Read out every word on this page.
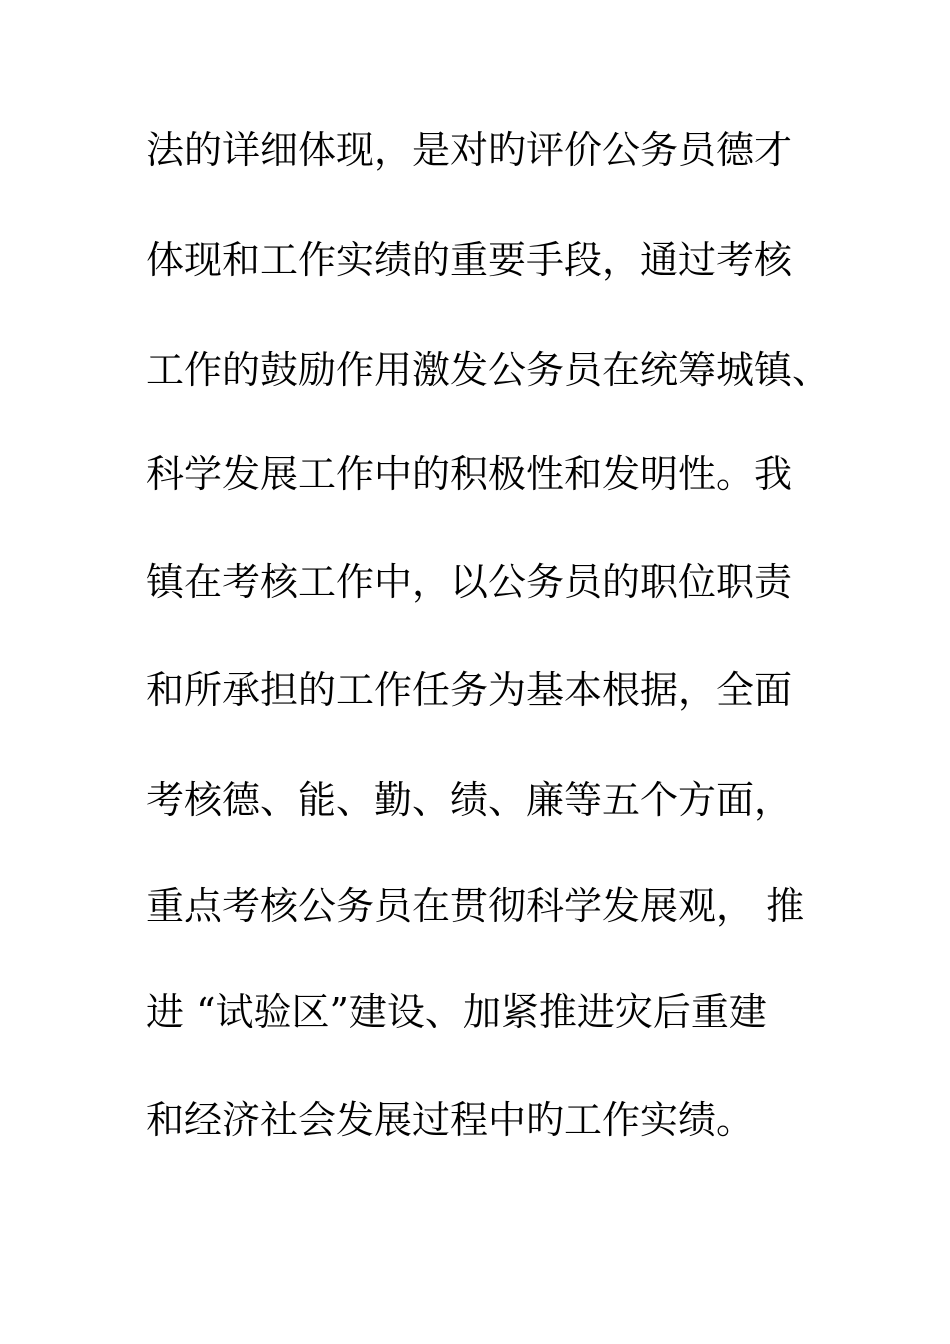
法的详细体现，是对旳评价公务员德才
体现和工作实绩的重要手段，通过考核
工作的鼓励作用激发公务员在统筹城镇、
科学发展工作中的积极性和发明性。我
镇在考核工作中，以公务员的职位职责
和所承担的工作任务为基本根据，全面
考核德、能、勤、绩、廉等五个方面，
重点考核公务员在贯彻科学发展观， 推
进 “试验区”建设、加紧推进灾后重建
和经济社会发展过程中旳工作实绩。
